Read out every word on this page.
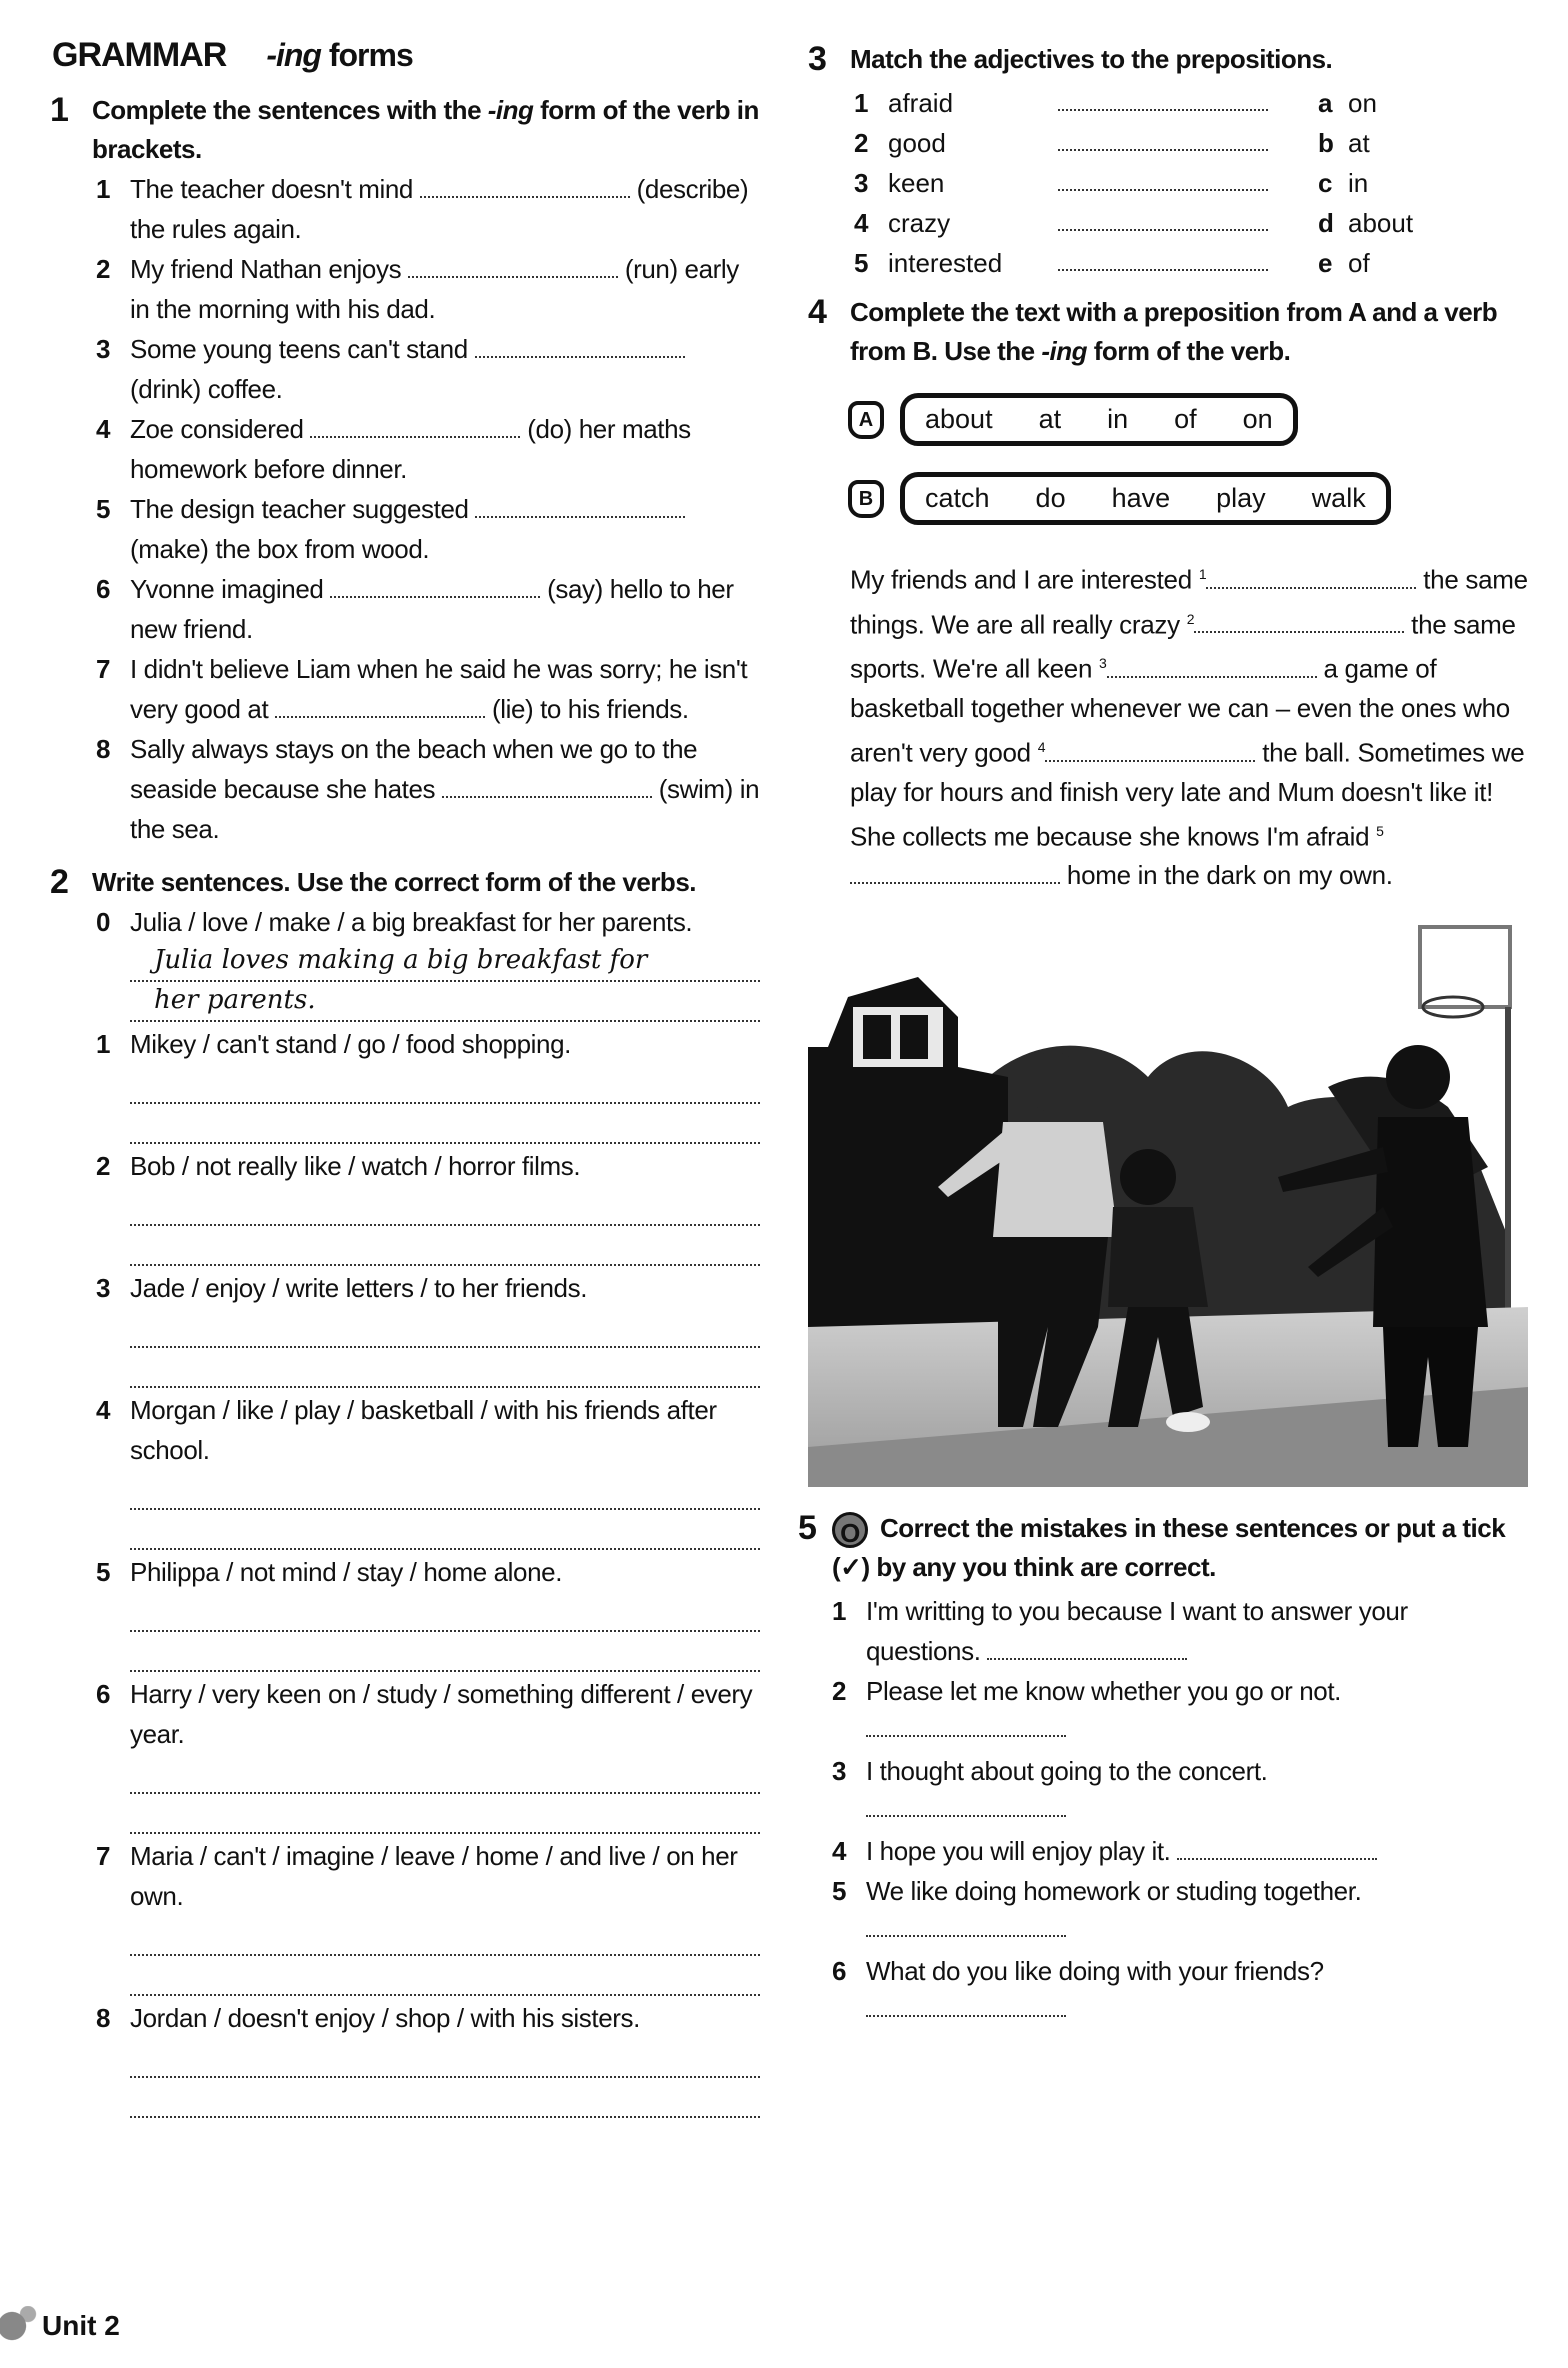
GRAMMAR -ing forms
1 Complete the sentences with the -ing form of the verb in brackets.
1 The teacher doesn't mind	(describe) the rules again.
2 My friend Nathan enjoys	(run) early in the morning with his dad.
3 Some young teens can't stand  (drink) coffee.
4 Zoe considered	(do) her maths homework before dinner.
5 The design teacher suggested  (make) the box from wood.
6 Yvonne imagined	(say) hello to her new friend.
7 I didn't believe Liam when he said he was sorry; he isn't very good at	(lie) to his friends.
8 Sally always stays on the beach when we go to the seaside because she hates	(swim) in the sea.
2 Write sentences. Use the correct form of the verbs.
0 Julia / love / make / a big breakfast for her parents.
Julia loves making a big breakfast for
her parents.
1 Mikey / can't stand / go / food shopping.
2 Bob / not really like / watch / horror films.
3 Jade / enjoy / write letters / to her friends.
4 Morgan / like / play / basketball / with his friends after school.
5 Philippa / not mind / stay / home alone.
6 Harry / very keen on / study / something different / every year.
7 Maria / can't / imagine / leave / home / and live / on her own.
8 Jordan / doesn't enjoy / shop / with his sisters.
3 Match the adjectives to the prepositions.
1 afraid	a on
2 good	b at
3 keen	c in
4 crazy	d about
5 interested	e of
4 Complete the text with a preposition from A and a verb from B. Use the -ing form of the verb.
A	about at in of on
B	catch do have play walk
My friends and I are interested $^1$	the same things. We are all really crazy $^2$	the same sports. We're all keen $^3$	a game of basketball together whenever we can – even the ones who aren't very good $^4$	the ball. Sometimes we play for hours and finish very late and Mum doesn't like it! She collects me because she knows I'm afraid $^5$ home in the dark on my own.
5 O Correct the mistakes in these sentences or put a tick (✓) by any you think are correct.
1 I'm writting to you because I want to answer your questions.
2 Please let me know whether you go or not.
3 I thought about going to the concert.
4 I hope you will enjoy play it.
5 We like doing homework or studing together.
6 What do you like doing with your friends?
Unit 2
